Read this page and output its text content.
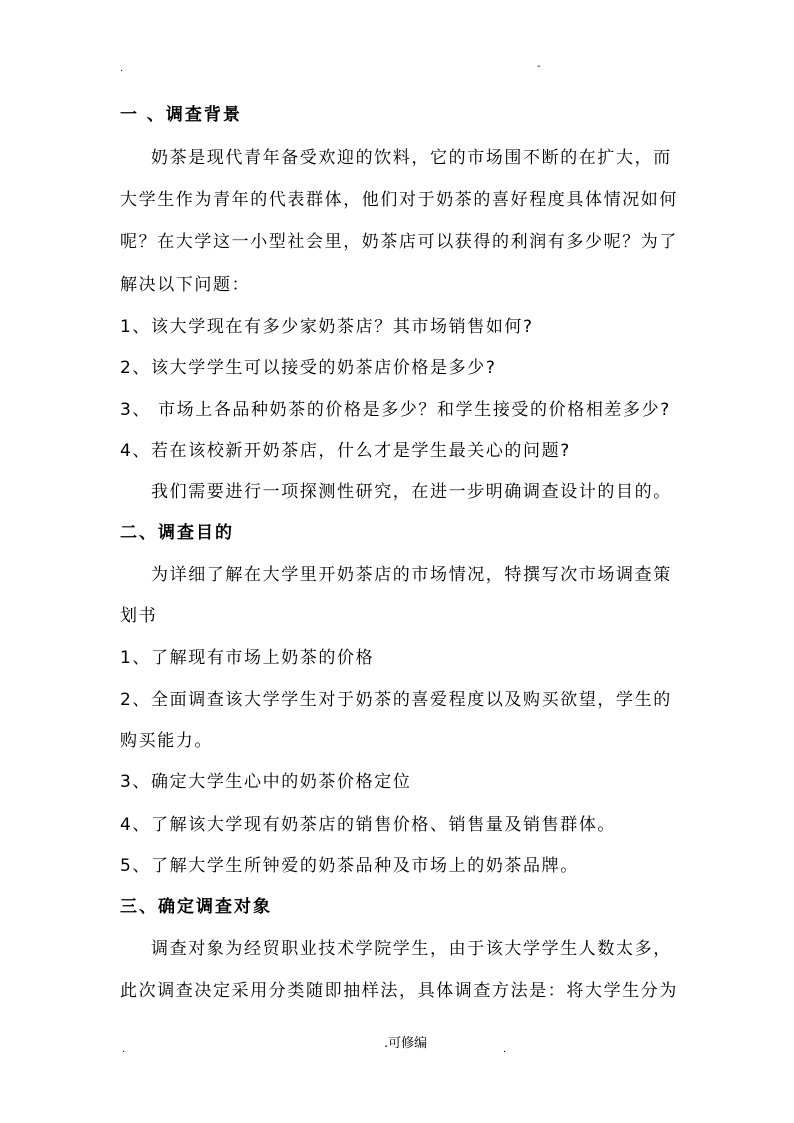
.	-
一 、调查背景
奶茶是现代青年备受欢迎的饮料，它的市场围不断的在扩大，而
大学生作为青年的代表群体，他们对于奶茶的喜好程度具体情况如何
呢？在大学这一小型社会里，奶茶店可以获得的利润有多少呢？为了
解决以下问题：
1、该大学现在有多少家奶茶店？其市场销售如何?
2、该大学学生可以接受的奶茶店价格是多少?
3、 市场上各品种奶茶的价格是多少？和学生接受的价格相差多少?
4、若在该校新开奶茶店，什么才是学生最关心的问题?
我们需要进行一项探测性研究，在进一步明确调查设计的目的。
二、调查目的
为详细了解在大学里开奶茶店的市场情况，特撰写次市场调查策
划书
1、了解现有市场上奶茶的价格
2、全面调查该大学学生对于奶茶的喜爱程度以及购买欲望，学生的
购买能力。
3、确定大学生心中的奶茶价格定位
4、了解该大学现有奶茶店的销售价格、销售量及销售群体。
5、了解大学生所钟爱的奶茶品种及市场上的奶茶品牌。
三、确定调查对象
调查对象为经贸职业技术学院学生，由于该大学学生人数太多，
此次调查决定采用分类随即抽样法，具体调查方法是：将大学生分为
.	.可修编	.
